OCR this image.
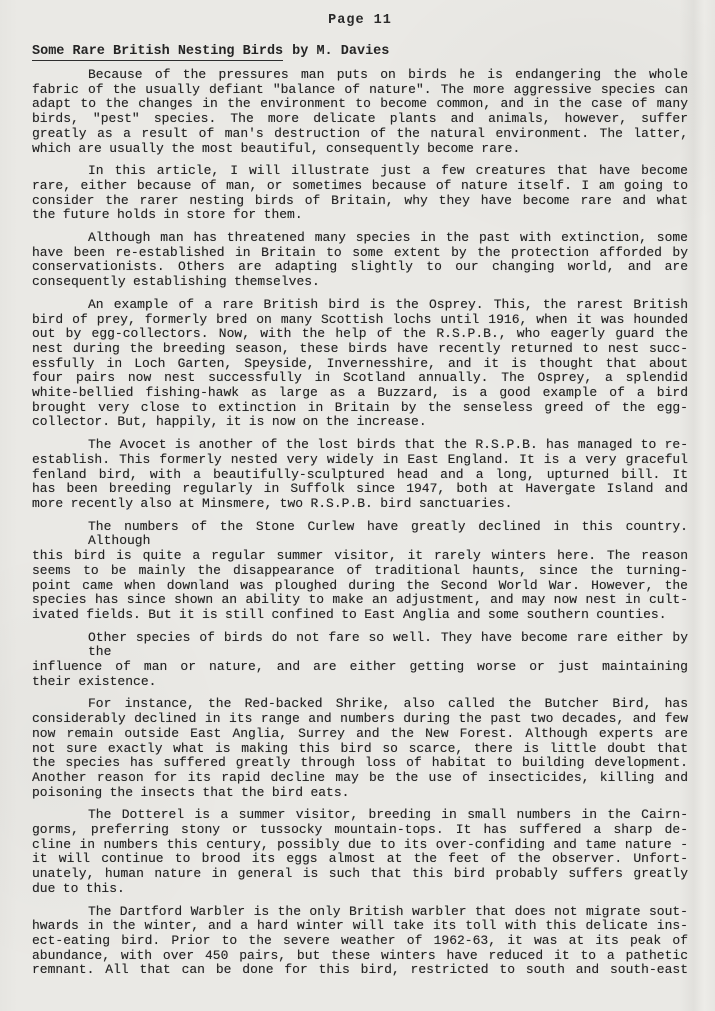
Page 11
Some Rare British Nesting Birds by M. Davies
Because of the pressures man puts on birds he is endangering the whole
fabric of the usually defiant "balance of nature". The more aggressive species can
adapt to the changes in the environment to become common, and in the case of many
birds, "pest" species. The more delicate plants and animals, however, suffer
greatly as a result of man's destruction of the natural environment. The latter,
which are usually the most beautiful, consequently become rare.
In this article, I will illustrate just a few creatures that have become
rare, either because of man, or sometimes because of nature itself. I am going to
consider the rarer nesting birds of Britain, why they have become rare and what
the future holds in store for them.
Although man has threatened many species in the past with extinction, some
have been re-established in Britain to some extent by the protection afforded by
conservationists. Others are adapting slightly to our changing world, and are
consequently establishing themselves.
An example of a rare British bird is the Osprey. This, the rarest British
bird of prey, formerly bred on many Scottish lochs until 1916, when it was hounded
out by egg-collectors. Now, with the help of the R.S.P.B., who eagerly guard the
nest during the breeding season, these birds have recently returned to nest succ-
essfully in Loch Garten, Speyside, Invernesshire, and it is thought that about
four pairs now nest successfully in Scotland annually. The Osprey, a splendid
white-bellied fishing-hawk as large as a Buzzard, is a good example of a bird
brought very close to extinction in Britain by the senseless greed of the egg-
collector. But, happily, it is now on the increase.
The Avocet is another of the lost birds that the R.S.P.B. has managed to re-
establish. This formerly nested very widely in East England. It is a very graceful
fenland bird, with a beautifully-sculptured head and a long, upturned bill. It
has been breeding regularly in Suffolk since 1947, both at Havergate Island and
more recently also at Minsmere, two R.S.P.B. bird sanctuaries.
The numbers of the Stone Curlew have greatly declined in this country. Although
this bird is quite a regular summer visitor, it rarely winters here. The reason
seems to be mainly the disappearance of traditional haunts, since the turning-
point came when downland was ploughed during the Second World War. However, the
species has since shown an ability to make an adjustment, and may now nest in cult-
ivated fields. But it is still confined to East Anglia and some southern counties.
Other species of birds do not fare so well. They have become rare either by the
influence of man or nature, and are either getting worse or just maintaining
their existence.
For instance, the Red-backed Shrike, also called the Butcher Bird, has
considerably declined in its range and numbers during the past two decades, and few
now remain outside East Anglia, Surrey and the New Forest. Although experts are
not sure exactly what is making this bird so scarce, there is little doubt that
the species has suffered greatly through loss of habitat to building development.
Another reason for its rapid decline may be the use of insecticides, killing and
poisoning the insects that the bird eats.
The Dotterel is a summer visitor, breeding in small numbers in the Cairn-
gorms, preferring stony or tussocky mountain-tops. It has suffered a sharp de-
cline in numbers this century, possibly due to its over-confiding and tame nature -
it will continue to brood its eggs almost at the feet of the observer. Unfort-
unately, human nature in general is such that this bird probably suffers greatly
due to this.
The Dartford Warbler is the only British warbler that does not migrate sout-
hwards in the winter, and a hard winter will take its toll with this delicate ins-
ect-eating bird. Prior to the severe weather of 1962-63, it was at its peak of
abundance, with over 450 pairs, but these winters have reduced it to a pathetic
remnant. All that can be done for this bird, restricted to south and south-east
